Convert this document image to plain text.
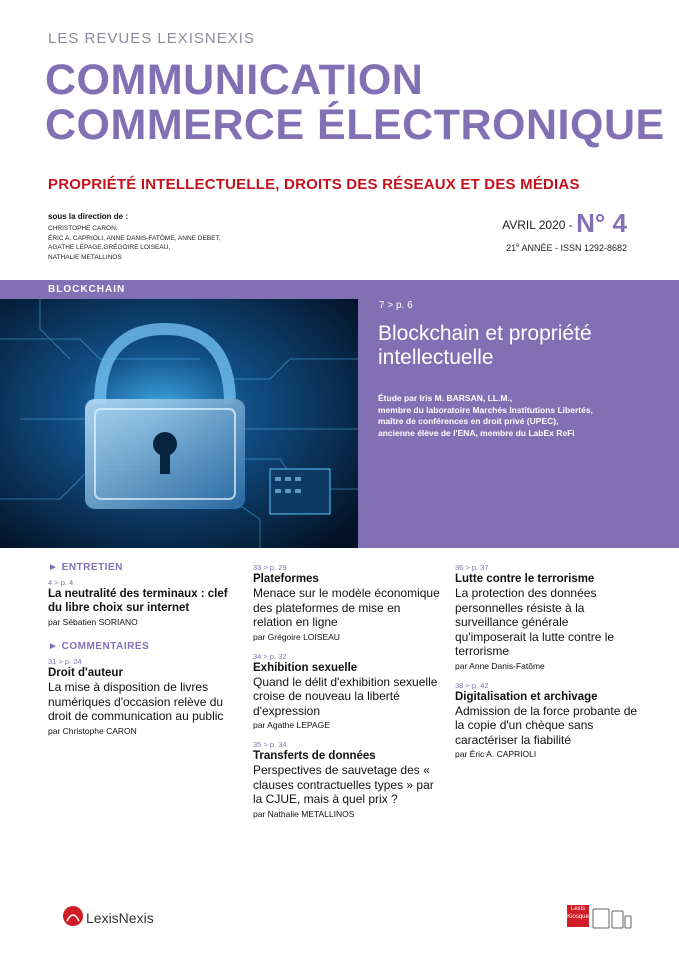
LES REVUES LEXISNEXIS
COMMUNICATION
COMMERCE ÉLECTRONIQUE
PROPRIÉTÉ INTELLECTUELLE, DROITS DES RÉSEAUX ET DES MÉDIAS
sous la direction de :
CHRISTOPHE CARON.
ÉRIC A. CAPRIOLI, ANNE DANIS-FATÔME, ANNE DEBET,
AGATHE LEPAGE,GRÉGOIRE LOISEAU,
NATHALIE METALLINOS
AVRIL 2020 - N° 4
21e ANNÉE - ISSN 1292-8682
BLOCKCHAIN
7 > p. 6
Blockchain et propriété intellectuelle
Étude par Iris M. BARSAN, LL.M.,
membre du laboratoire Marchés Institutions Libertés,
maître de conférences en droit privé (UPEC),
ancienne élève de l'ENA, membre du LabEx ReFi
► ENTRETIEN
4 > p. 4
La neutralité des terminaux : clef du libre choix sur internet
par Sébatien SORIANO
► COMMENTAIRES
31 > p. 24
Droit d'auteur
La mise à disposition de livres numériques d'occasion relève du droit de communication au public
par Christophe CARON
33 > p. 29
Plateformes
Menace sur le modèle économique des plateformes de mise en relation en ligne
par Grégoire LOISEAU
34 > p. 32
Exhibition sexuelle
Quand le délit d'exhibition sexuelle croise de nouveau la liberté d'expression
par Agathe LEPAGE
35 > p. 34
Transferts de données
Perspectives de sauvetage des « clauses contractuelles types » par la CJUE, mais à quel prix ?
par Nathalie METALLINOS
36 > p. 37
Lutte contre le terrorisme
La protection des données personnelles résiste à la surveillance générale qu'imposerait la lutte contre le terrorisme
par Anne Danis-Fatôme
38 > p. 42
Digitalisation et archivage
Admission de la force probante de la copie d'un chèque sans caractériser la fiabilité
par Éric A. CAPRIOLI
LexisNexis
Lexis
Kiosque
